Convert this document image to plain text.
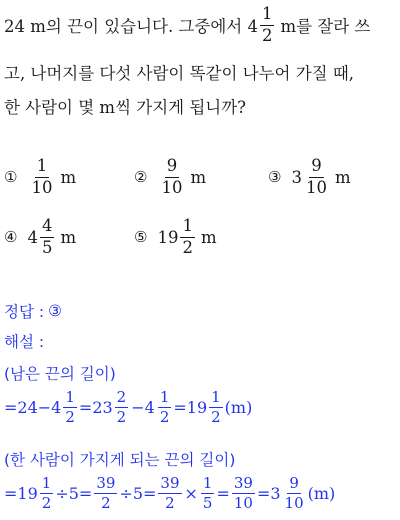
24 m의 끈이 있습니다. 그중에서 $4 \frac{1}{2}$ m를 잘라 쓰
고, 나머지를 다섯 사람이 똑같이 나누어 가질 때,
한 사람이 몇 m씩 가지게 됩니까?
① $\frac{1}{10}$ m	② $\frac{9}{10}$ m	③ $3 \frac{9}{10}$ m
④ $4 \frac{4}{5}$ m	⑤ $19 \frac{1}{2}$ m
정답 : ③
해설 :
(남은 끈의 길이)
$=24-4 \frac{1}{2} =23 \frac{2}{2} -4 \frac{1}{2} =19 \frac{1}{2} (m)$
(한 사람이 가지게 되는 끈의 길이)
$=19 \frac{1}{2} \div 5= \frac{39}{2} \div 5= \frac{39}{2} \times \frac{1}{5} = \frac{39}{10} =3 \frac{9}{10} (m)$
